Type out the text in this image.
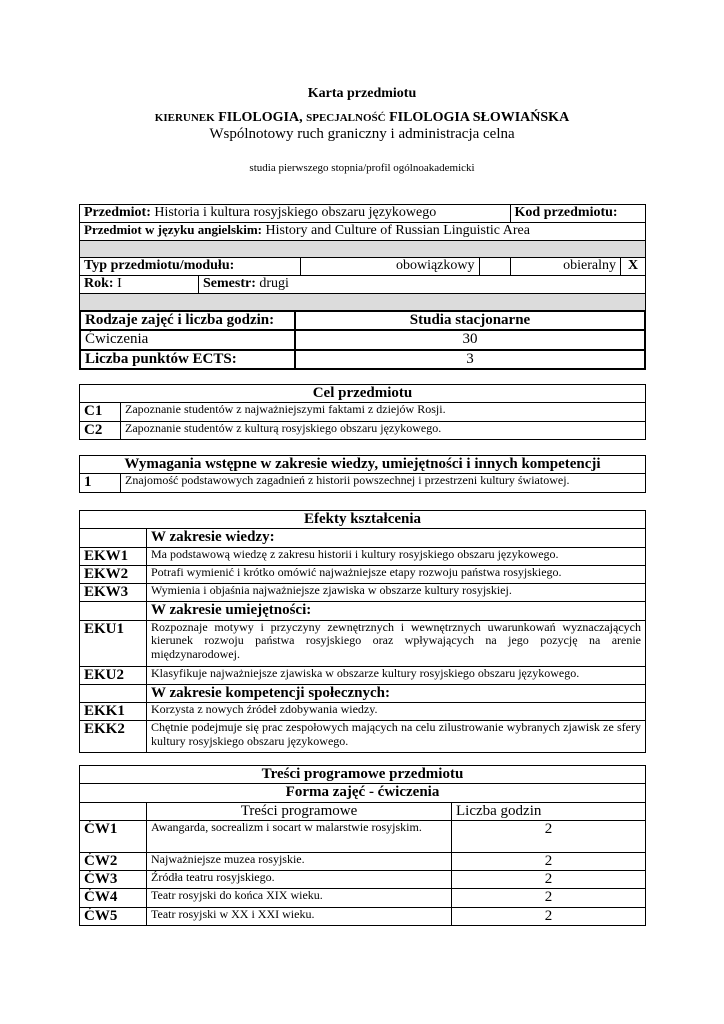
Karta przedmiotu
KIERUNEK FILOLOGIA, SPECJALNOŚĆ FILOLOGIA SŁOWIAŃSKA
Wspólnotowy ruch graniczny i administracja celna
studia pierwszego stopnia/profil ogólnoakademicki
Przedmiot: Historia i kultura rosyjskiego obszaru językowego				Kod przedmiotu:	
Przedmiot w języku angielskim: History and Culture of Russian Linguistic Area					

Typ przedmiotu/modułu:		obowiązkowy		obieralny	X
Rok: I	Semestr: drugi				

Rodzaje zajęć i liczba godzin:	Studia stacjonarne
Ćwiczenia	30
Liczba punktów ECTS:	3
Cel przedmiotu	
C1	Zapoznanie studentów z najważniejszymi faktami z dziejów Rosji.
C2	Zapoznanie studentów z kulturą rosyjskiego obszaru językowego.
Wymagania wstępne w zakresie wiedzy, umiejętności i innych kompetencji
1	Znajomość podstawowych zagadnień z historii powszechnej i przestrzeni kultury światowej.
Efekty kształcenia	
	W zakresie wiedzy:
EKW1	Ma podstawową wiedzę z zakresu historii i kultury rosyjskiego obszaru językowego.
EKW2	Potrafi wymienić i krótko omówić najważniejsze etapy rozwoju państwa rosyjskiego.
EKW3	Wymienia i objaśnia najważniejsze zjawiska w obszarze kultury rosyjskiej.
	W zakresie umiejętności:
EKU1	Rozpoznaje motywy i przyczyny zewnętrznych i wewnętrznych uwarunkowań wyznaczających kierunek rozwoju państwa rosyjskiego oraz wpływających na jego pozycję na arenie międzynarodowej.
EKU2	Klasyfikuje najważniejsze zjawiska w obszarze kultury rosyjskiego obszaru językowego.
	W zakresie kompetencji społecznych:
EKK1	Korzysta z nowych źródeł zdobywania wiedzy.
EKK2	Chętnie podejmuje się prac zespołowych mających na celu zilustrowanie wybranych zjawisk ze sfery kultury rosyjskiego obszaru językowego.
Treści programowe przedmiotu		
Forma zajęć - ćwiczenia		
	Treści programowe	Liczba godzin
ĆW1	Awangarda, socrealizm i socart w malarstwie rosyjskim.	2
ĆW2	Najważniejsze muzea rosyjskie.	2
ĆW3	Źródła teatru rosyjskiego.	2
ĆW4	Teatr rosyjski do końca XIX wieku.	2
ĆW5	Teatr rosyjski w XX i XXI wieku.	2
